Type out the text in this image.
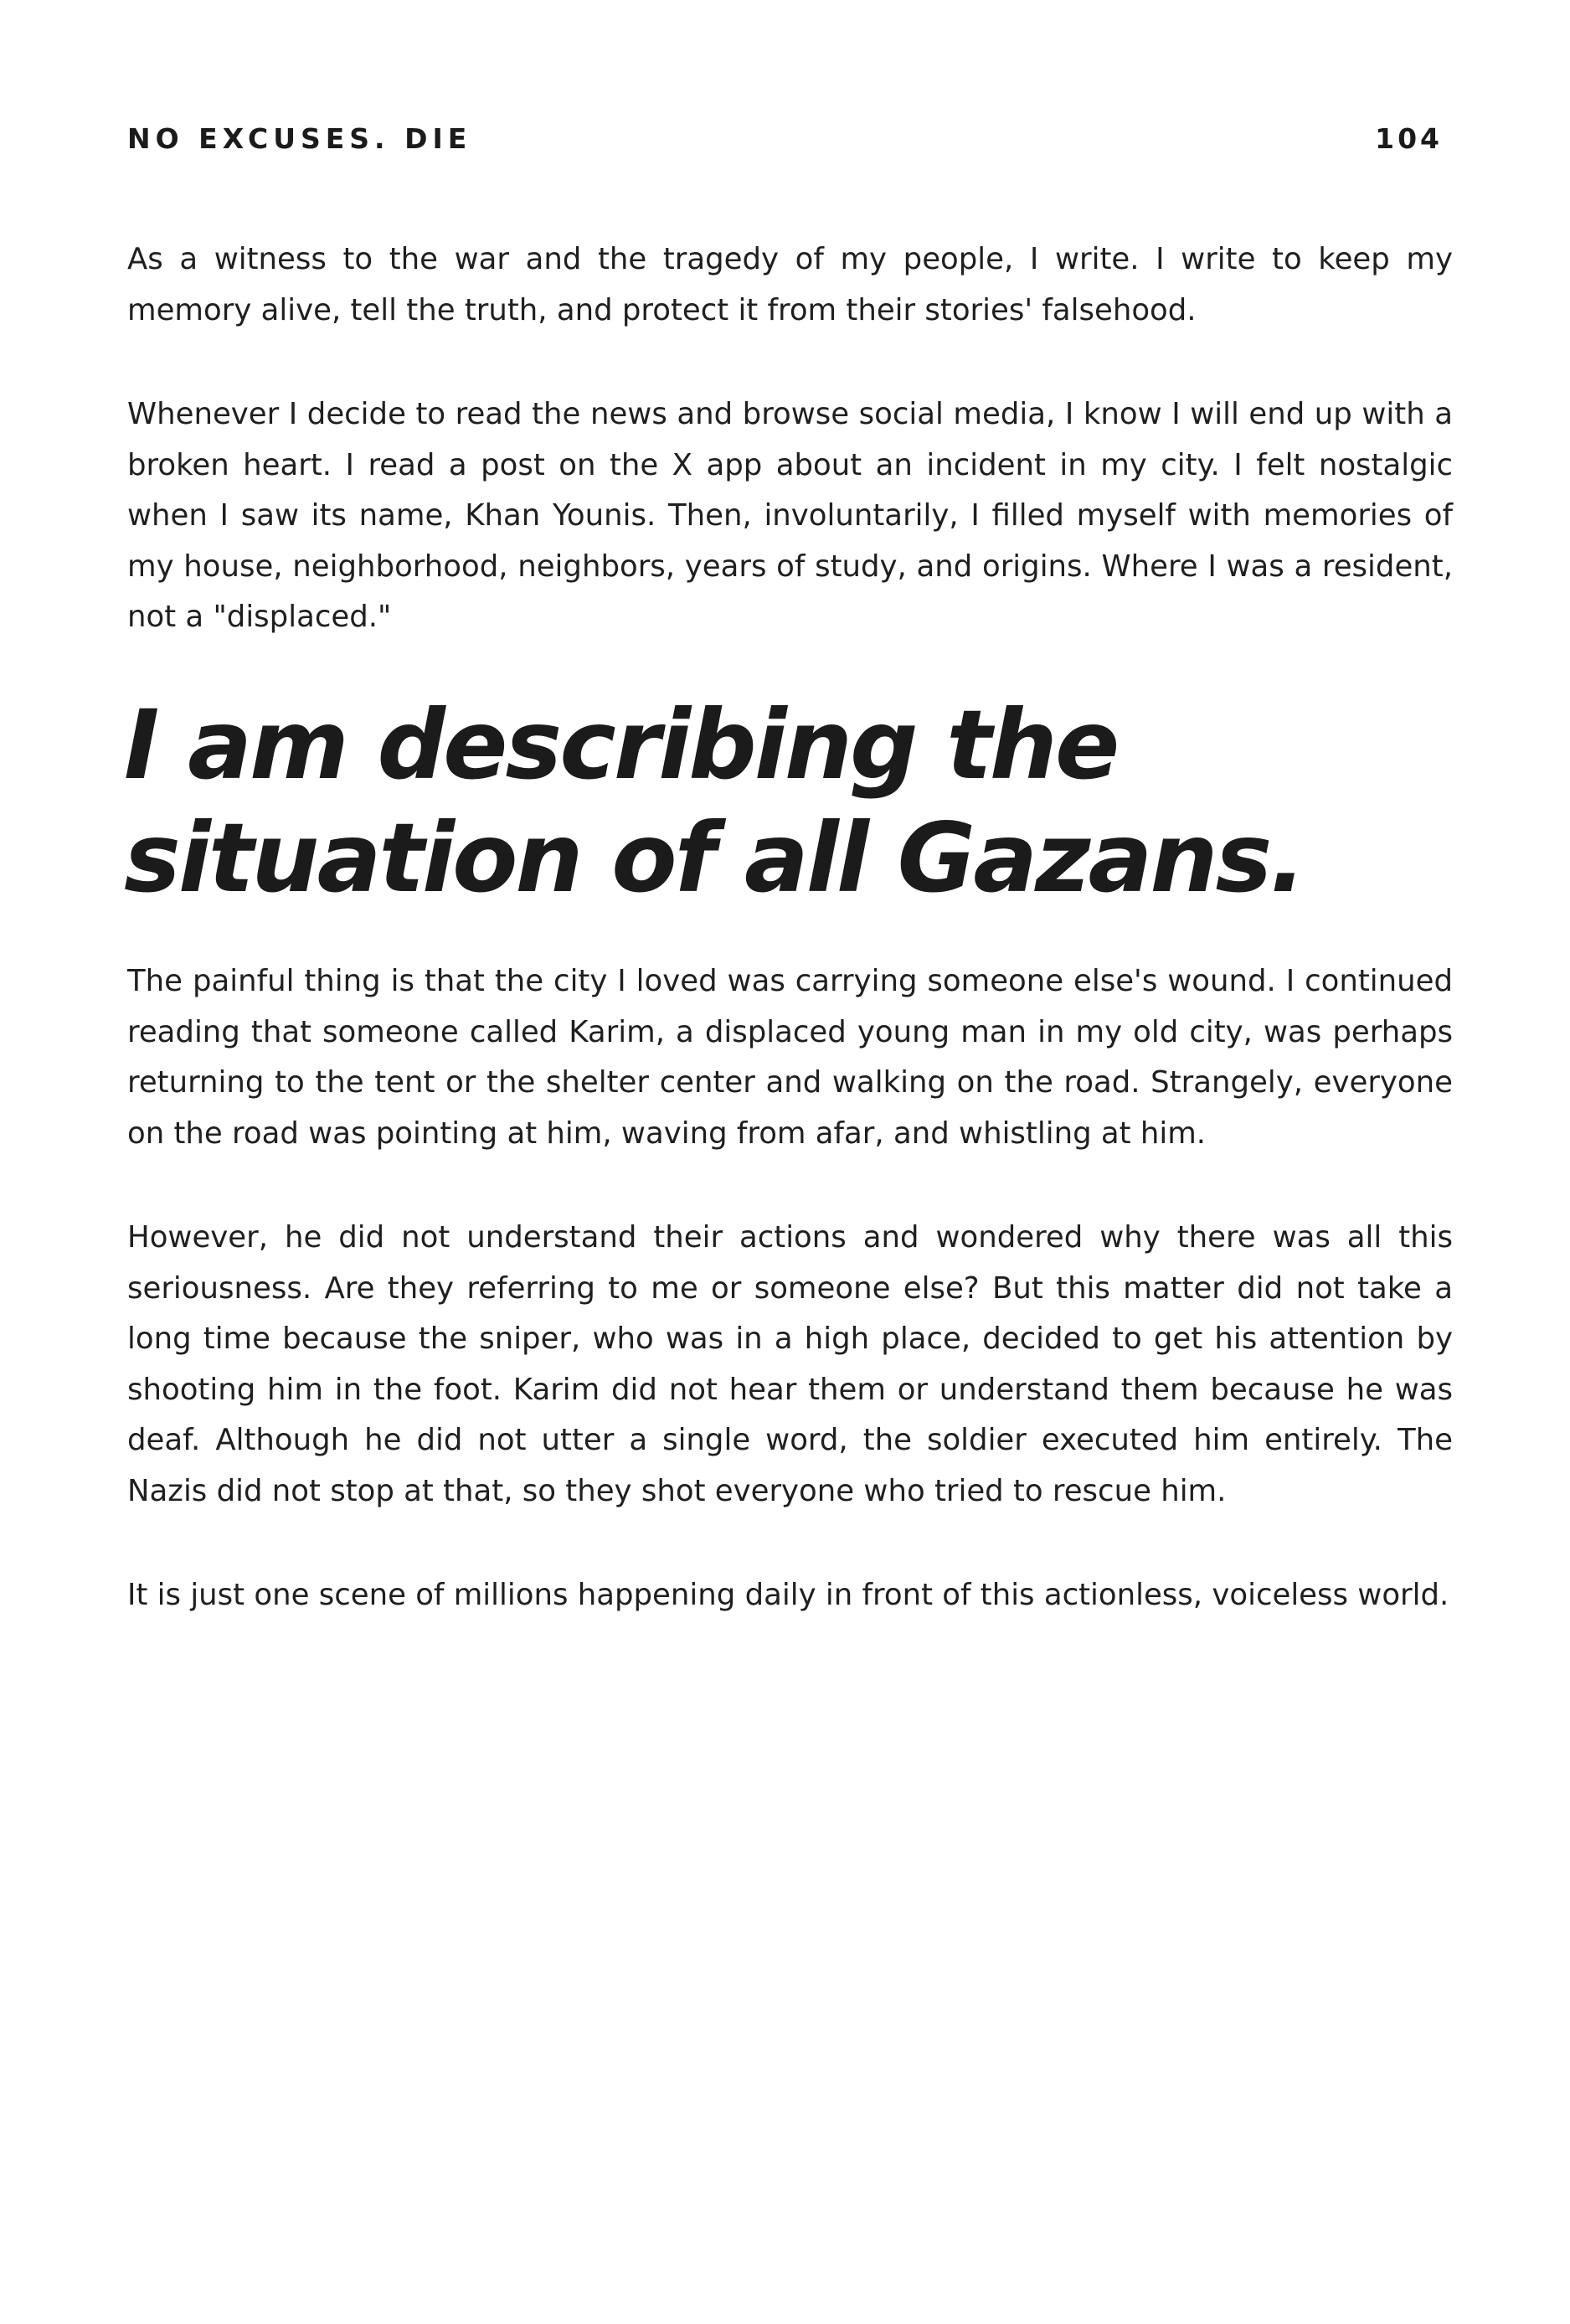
NO EXCUSES. DIE	104

As a witness to the war and the tragedy of my people, I write. I write to keep my memory alive, tell the truth, and protect it from their stories' falsehood.

Whenever I decide to read the news and browse social media, I know I will end up with a broken heart. I read a post on the X app about an incident in my city. I felt nostalgic when I saw its name, Khan Younis. Then, involuntarily, I filled myself with memories of my house, neighborhood, neighbors, years of study, and origins. Where I was a resident, not a "displaced."

I am describing the situation of all Gazans.

The painful thing is that the city I loved was carrying someone else's wound. I continued reading that someone called Karim, a displaced young man in my old city, was perhaps returning to the tent or the shelter center and walking on the road. Strangely, everyone on the road was pointing at him, waving from afar, and whistling at him.

However, he did not understand their actions and wondered why there was all this seriousness. Are they referring to me or someone else? But this matter did not take a long time because the sniper, who was in a high place, decided to get his attention by shooting him in the foot. Karim did not hear them or understand them because he was deaf. Although he did not utter a single word, the soldier executed him entirely. The Nazis did not stop at that, so they shot everyone who tried to rescue him.

It is just one scene of millions happening daily in front of this actionless, voiceless world.
